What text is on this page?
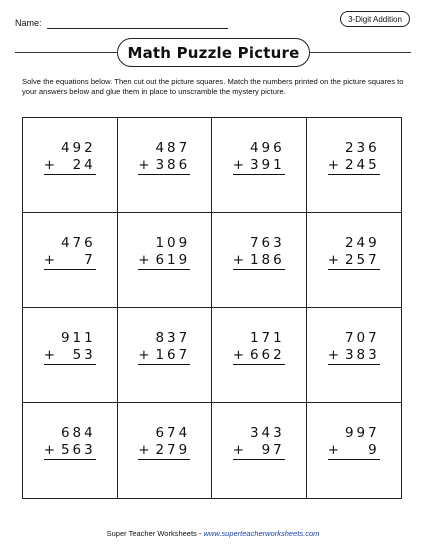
Name:	3-Digit Addition
Math Puzzle Picture

Solve the equations below. Then cut out the picture squares. Match the numbers printed on the picture squares to your answers below and glue them in place to unscramble the mystery picture.

492
+	24
487
+ 386
496
+ 391
236
+ 245
476
+	7
109
+ 619
763
+ 186
249
+ 257
911
+	53
837
+ 167
171
+ 662
707
+ 383
684
+ 563
674
+ 279
343
+	97
997
+	9
Super Teacher Worksheets - www.superteacherworksheets.com
